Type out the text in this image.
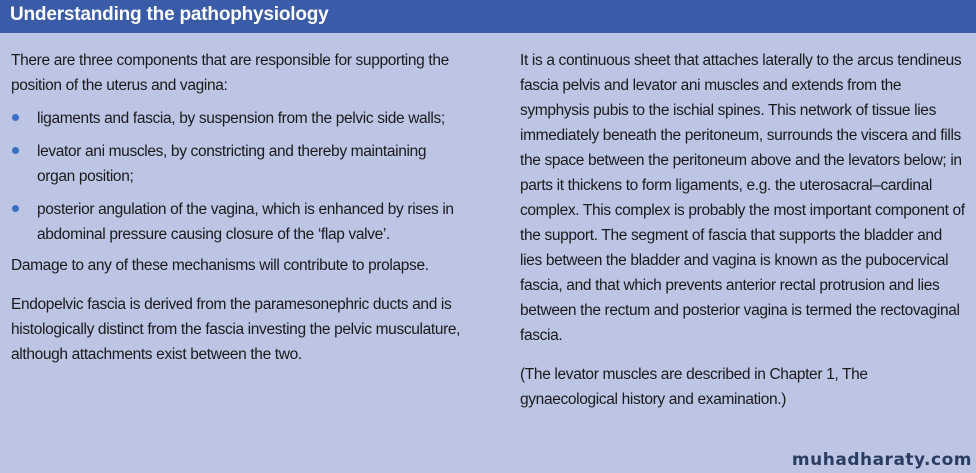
Understanding the pathophysiology

There are three components that are responsible for supporting the position of the uterus and vagina:

ligaments and fascia, by suspension from the pelvic side walls;
levator ani muscles, by constricting and thereby maintaining organ position;
posterior angulation of the vagina, which is enhanced by rises in abdominal pressure causing closure of the ‘flap valve’.

Damage to any of these mechanisms will contribute to prolapse.

Endopelvic fascia is derived from the paramesonephric ducts and is histologically distinct from the fascia investing the pelvic musculature, although attachments exist between the two.

It is a continuous sheet that attaches laterally to the arcus tendineus fascia pelvis and levator ani muscles and extends from the symphysis pubis to the ischial spines. This network of tissue lies immediately beneath the peritoneum, surrounds the viscera and fills the space between the peritoneum above and the levators below; in parts it thickens to form ligaments, e.g. the uterosacral–cardinal complex. This complex is probably the most important component of the support. The segment of fascia that supports the bladder and lies between the bladder and vagina is known as the pubocervical fascia, and that which prevents anterior rectal protrusion and lies between the rectum and posterior vagina is termed the rectovaginal fascia.

(The levator muscles are described in Chapter 1, The gynaecological history and examination.)

muhadharaty.com
